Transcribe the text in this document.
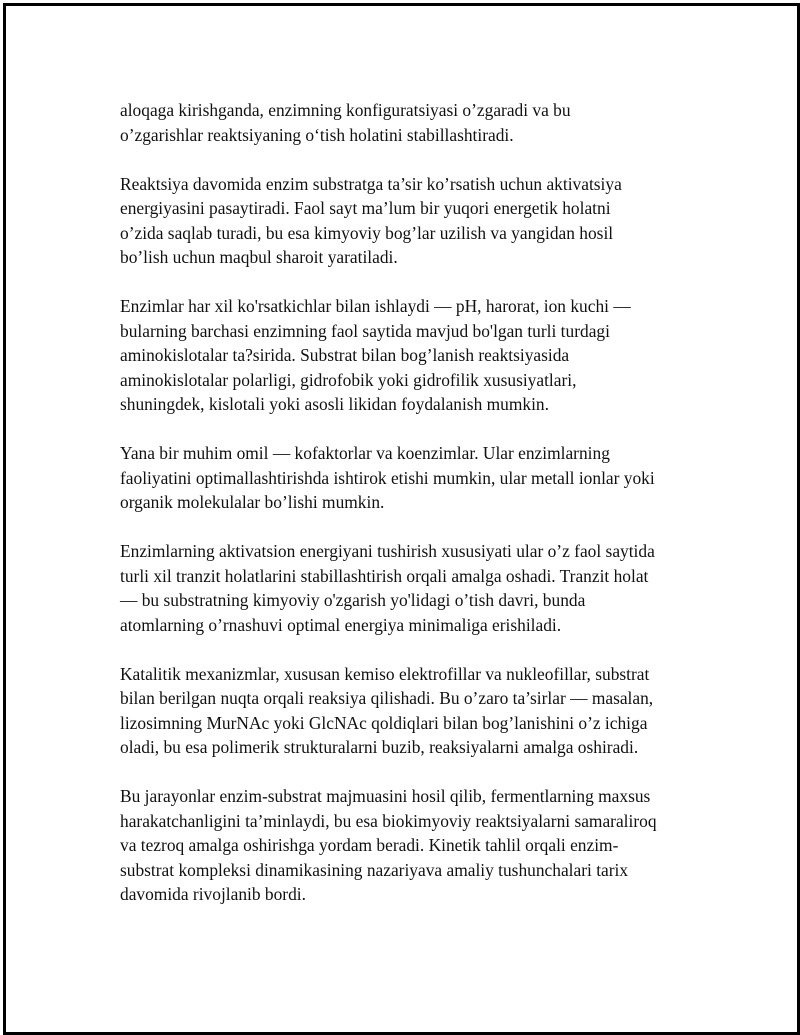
aloqaga kirishganda, enzimning konfiguratsiyasi o’zgaradi va bu
o’zgarishlar reaktsiyaning oʻtish holatini stabillashtiradi.

Reaktsiya davomida enzim substratga ta’sir ko’rsatish uchun aktivatsiya
energiyasini pasaytiradi. Faol sayt ma’lum bir yuqori energetik holatni
o’zida saqlab turadi, bu esa kimyoviy bog’lar uzilish va yangidan hosil
bo’lish uchun maqbul sharoit yaratiladi.

Enzimlar har xil ko'rsatkichlar bilan ishlaydi — pH, harorat, ion kuchi —
bularning barchasi enzimning faol saytida mavjud bo'lgan turli turdagi
aminokislotalar ta?sirida. Substrat bilan bog’lanish reaktsiyasida
aminokislotalar polarligi, gidrofobik yoki gidrofilik xususiyatlari,
shuningdek, kislotali yoki asosli likidan foydalanish mumkin.

Yana bir muhim omil — kofaktorlar va koenzimlar. Ular enzimlarning
faoliyatini optimallashtirishda ishtirok etishi mumkin, ular metall ionlar yoki
organik molekulalar bo’lishi mumkin.

Enzimlarning aktivatsion energiyani tushirish xususiyati ular o’z faol saytida
turli xil tranzit holatlarini stabillashtirish orqali amalga oshadi. Tranzit holat
— bu substratning kimyoviy o'zgarish yo'lidagi o’tish davri, bunda
atomlarning o’rnashuvi optimal energiya minimaliga erishiladi.

Katalitik mexanizmlar, xususan kemiso elektrofillar va nukleofillar, substrat
bilan berilgan nuqta orqali reaksiya qilishadi. Bu o’zaro ta’sirlar — masalan,
lizosimning MurNAc yoki GlcNAc qoldiqlari bilan bog’lanishini o’z ichiga
oladi, bu esa polimerik strukturalarni buzib, reaksiyalarni amalga oshiradi.

Bu jarayonlar enzim-substrat majmuasini hosil qilib, fermentlarning maxsus
harakatchanligini ta’minlaydi, bu esa biokimyoviy reaktsiyalarni samaraliroq
va tezroq amalga oshirishga yordam beradi. Kinetik tahlil orqali enzim-
substrat kompleksi dinamikasining nazariyava amaliy tushunchalari tarix
davomida rivojlanib bordi.
